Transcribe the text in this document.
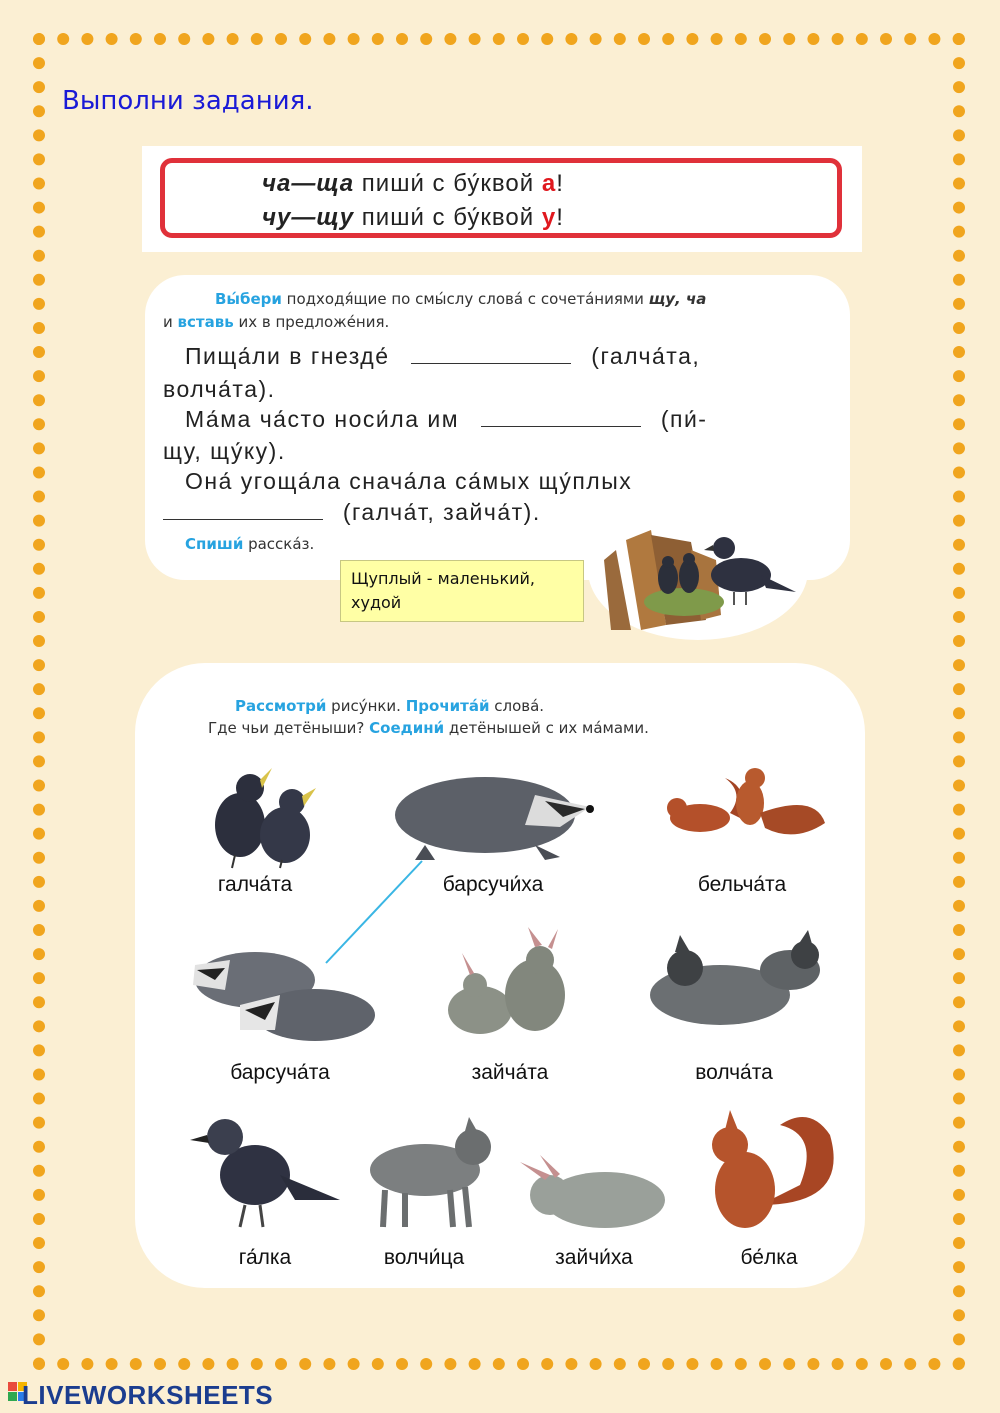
Выполни задания.
ча—ща пиши́ с бу́квой а!
чу—щу пиши́ с бу́квой у!
Вы́бери подходя́щие по смы́слу слова́ с сочета́ниями щу, ча
и вставь их в предложе́ния.
Пища́ли в гнезде́	(галча́та,
волча́та).
Ма́ма ча́сто носи́ла им	(пи́-
щу, щу́ку).
Она́ угоща́ла снача́ла са́мых щу́плых
(галча́т, зайча́т).
Спиши́ расска́з.
Щуплый - маленький, худой
Рассмотри́ рису́нки. Прочита́й слова́.
Где чьи детёныши? Соедини́ детёнышей с их ма́мами.
галча́та	барсучи́ха	бельча́та
барсуча́та	зайча́та	волча́та
га́лка	волчи́ца	зайчи́ха	бе́лка
LIVEWORKSHEETS
